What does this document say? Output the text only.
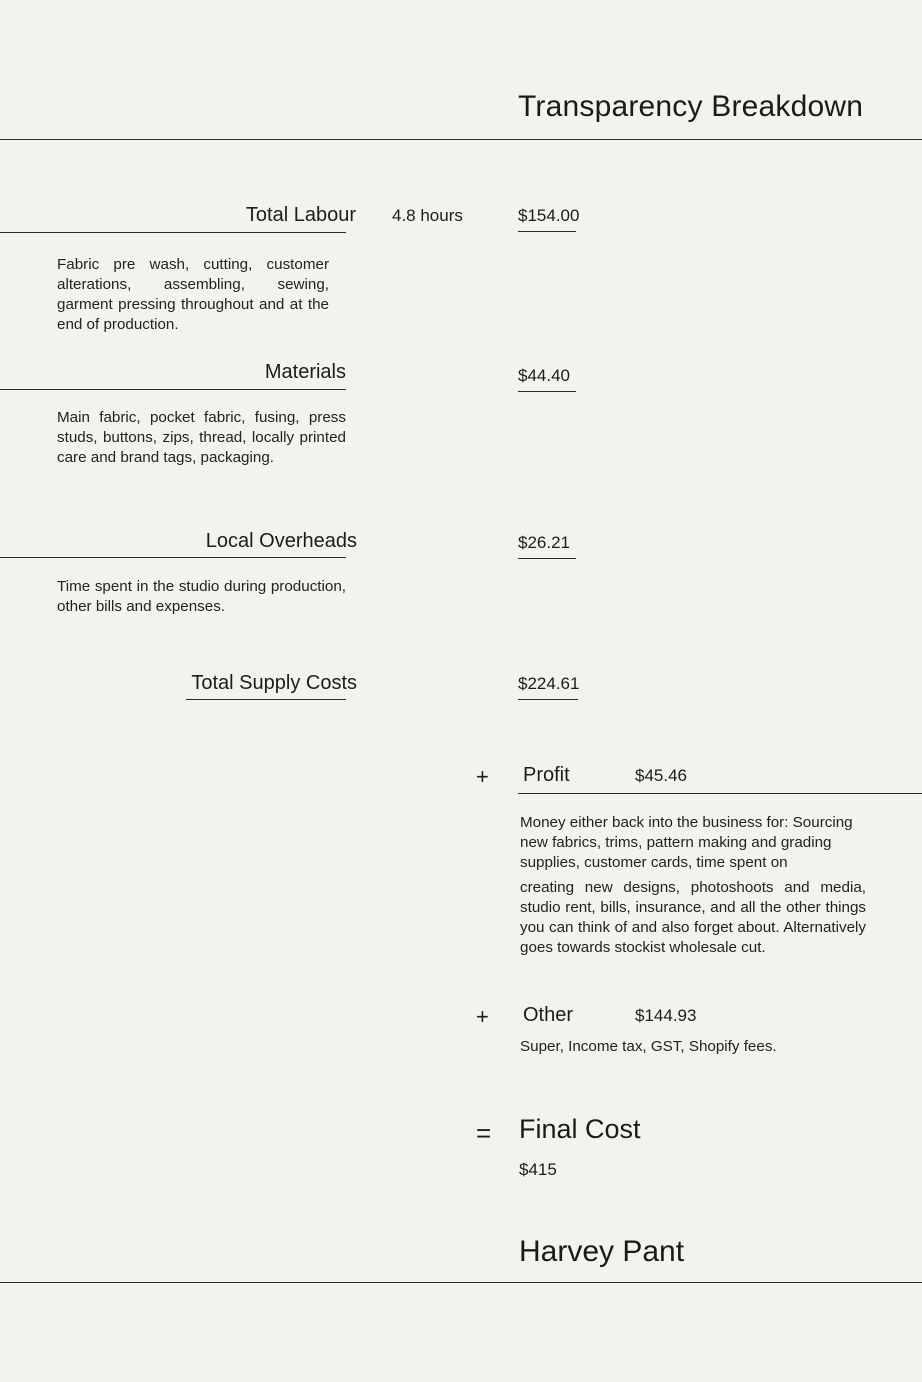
Transparency Breakdown
Total Labour 4.8 hours	$154.00
Fabric pre wash, cutting, customer alterations, assembling, sewing, garment pressing throughout and at the end of production.
Materials	$44.40
Main fabric, pocket fabric, fusing, press studs, buttons, zips, thread, locally printed care and brand tags, packaging.
Local Overheads	$26.21
Time spent in the studio during production, other bills and expenses.
Total Supply Costs	$224.61
+ Profit	$45.46
Money either back into the business for: Sourcing new fabrics, trims, pattern making and grading supplies, customer cards, time spent on
creating new designs, photoshoots and media, studio rent, bills, insurance, and all the other things you can think of and also forget about. Alternatively goes towards stockist wholesale cut.
+ Other	$144.93
Super, Income tax, GST, Shopify fees.
= Final Cost
$415
Harvey Pant
